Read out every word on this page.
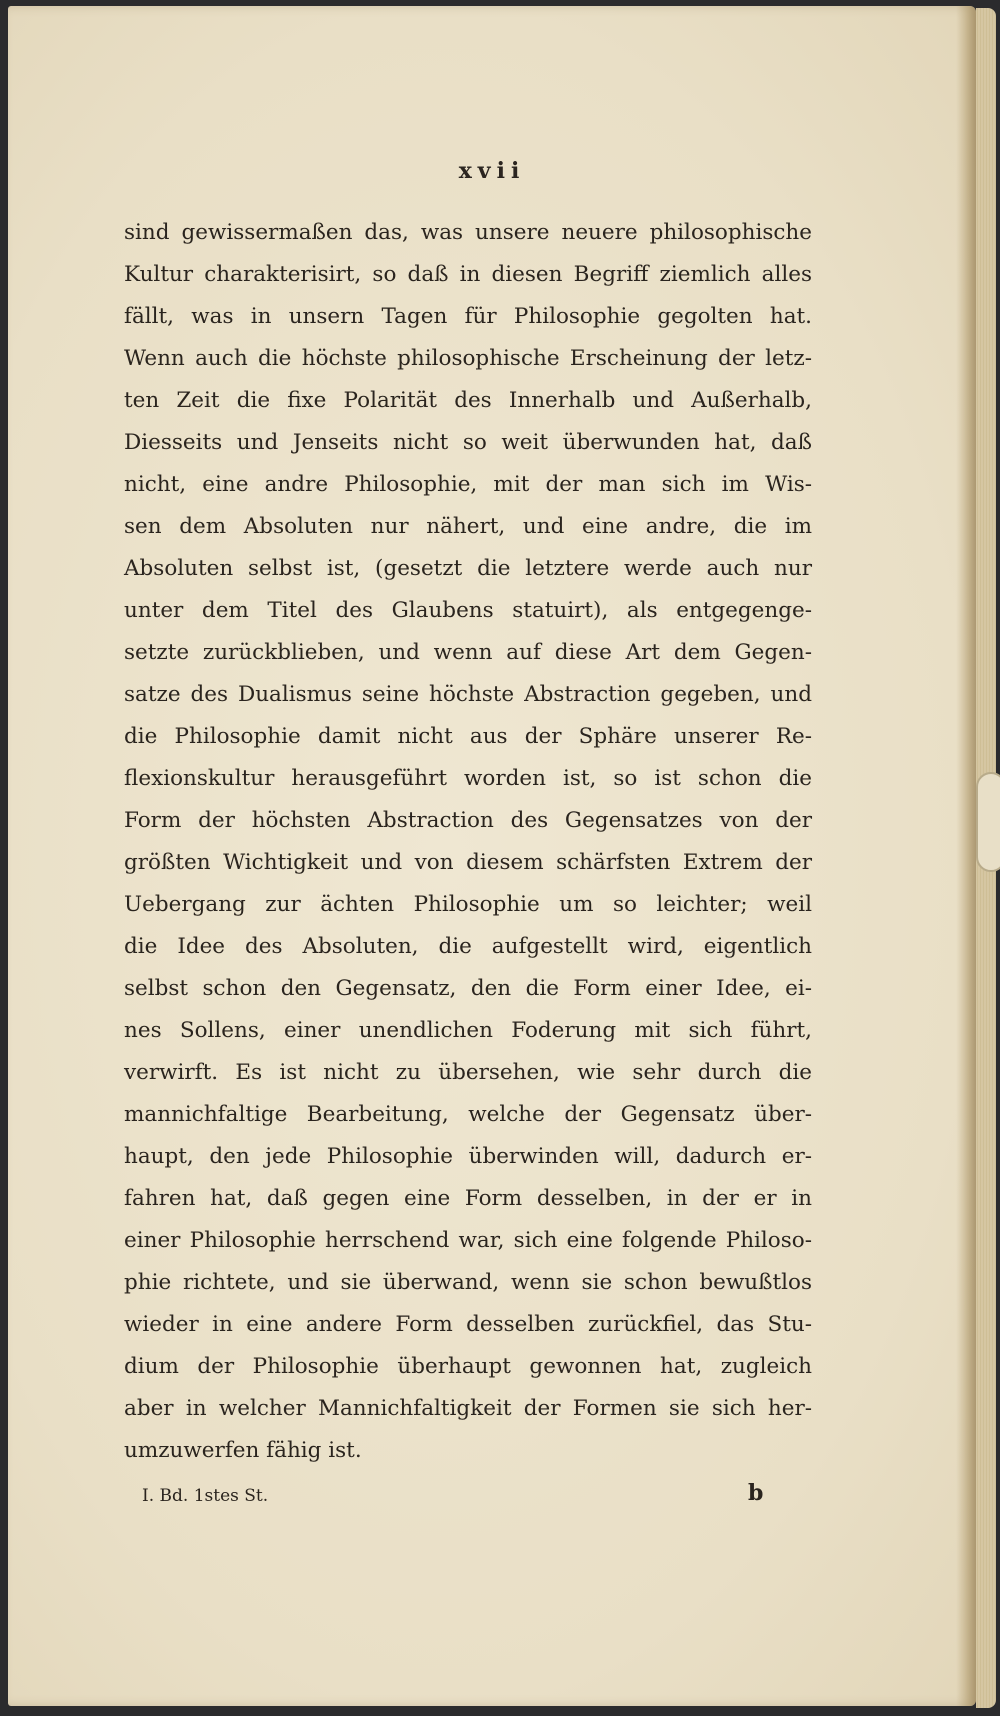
xvii
sind gewissermaßen das, was unsere neuere philosophische
Kultur charakterisirt, so daß in diesen Begriff ziemlich alles
fällt, was in unsern Tagen für Philosophie gegolten hat.
Wenn auch die höchste philosophische Erscheinung der letz-
ten Zeit die fixe Polarität des Innerhalb und Außerhalb,
Diesseits und Jenseits nicht so weit überwunden hat, daß
nicht, eine andre Philosophie, mit der man sich im Wis-
sen dem Absoluten nur nähert, und eine andre, die im
Absoluten selbst ist, (gesetzt die letztere werde auch nur
unter dem Titel des Glaubens statuirt), als entgegenge-
setzte zurückblieben, und wenn auf diese Art dem Gegen-
satze des Dualismus seine höchste Abstraction gegeben, und
die Philosophie damit nicht aus der Sphäre unserer Re-
flexionskultur herausgeführt worden ist, so ist schon die
Form der höchsten Abstraction des Gegensatzes von der
größten Wichtigkeit und von diesem schärfsten Extrem der
Uebergang zur ächten Philosophie um so leichter; weil
die Idee des Absoluten, die aufgestellt wird, eigentlich
selbst schon den Gegensatz, den die Form einer Idee, ei-
nes Sollens, einer unendlichen Foderung mit sich führt,
verwirft. Es ist nicht zu übersehen, wie sehr durch die
mannichfaltige Bearbeitung, welche der Gegensatz über-
haupt, den jede Philosophie überwinden will, dadurch er-
fahren hat, daß gegen eine Form desselben, in der er in
einer Philosophie herrschend war, sich eine folgende Philoso-
phie richtete, und sie überwand, wenn sie schon bewußtlos
wieder in eine andere Form desselben zurückfiel, das Stu-
dium der Philosophie überhaupt gewonnen hat, zugleich
aber in welcher Mannichfaltigkeit der Formen sie sich her-
umzuwerfen fähig ist.
I. Bd. 1stes St.	b
